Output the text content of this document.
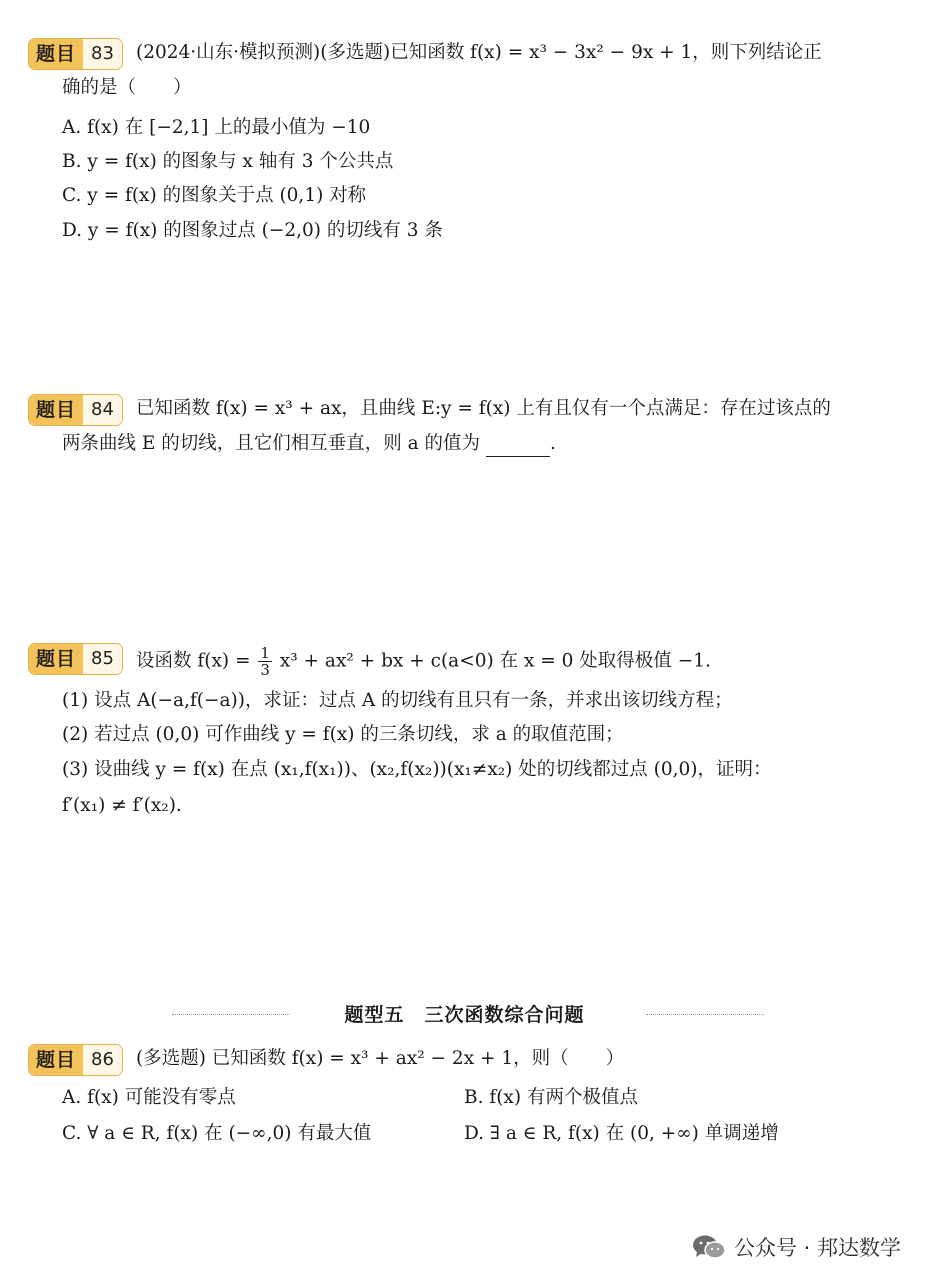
题目 83	(2024·山东·模拟预测)(多选题)已知函数 f(x) = x³ − 3x² − 9x + 1，则下列结论正
确的是（　　）
A. f(x) 在 [−2,1] 上的最小值为 −10
B. y = f(x) 的图象与 x 轴有 3 个公共点
C. y = f(x) 的图象关于点 (0,1) 对称
D. y = f(x) 的图象过点 (−2,0) 的切线有 3 条
题目 84	已知函数 f(x) = x³ + ax，且曲线 E:y = f(x) 上有且仅有一个点满足：存在过该点的
两条曲线 E 的切线，且它们相互垂直，则 a 的值为	.
题目 85	设函数 $f(x) = \frac{1}{3} x^3 + ax^2$ + bx + c(a<0) 在 x = 0 处取得极值 −1.
(1) 设点 A(−a,f(−a))，求证：过点 A 的切线有且只有一条，并求出该切线方程；
(2) 若过点 (0,0) 可作曲线 y = f(x) 的三条切线，求 a 的取值范围；
(3) 设曲线 y = f(x) 在点 (x₁,f(x₁))、(x₂,f(x₂))(x₁≠x₂) 处的切线都过点 (0,0)，证明：
f′(x₁) ≠ f′(x₂).
题型五　三次函数综合问题
题目 86	(多选题) 已知函数 f(x) = x³ + ax² − 2x + 1，则（　　）
A. f(x) 可能没有零点	B. f(x) 有两个极值点
C. ∀ a ∈ R, f(x) 在 (−∞,0) 有最大值	D. ∃ a ∈ R, f(x) 在 (0, +∞) 单调递增
公众号 · 邦达数学
